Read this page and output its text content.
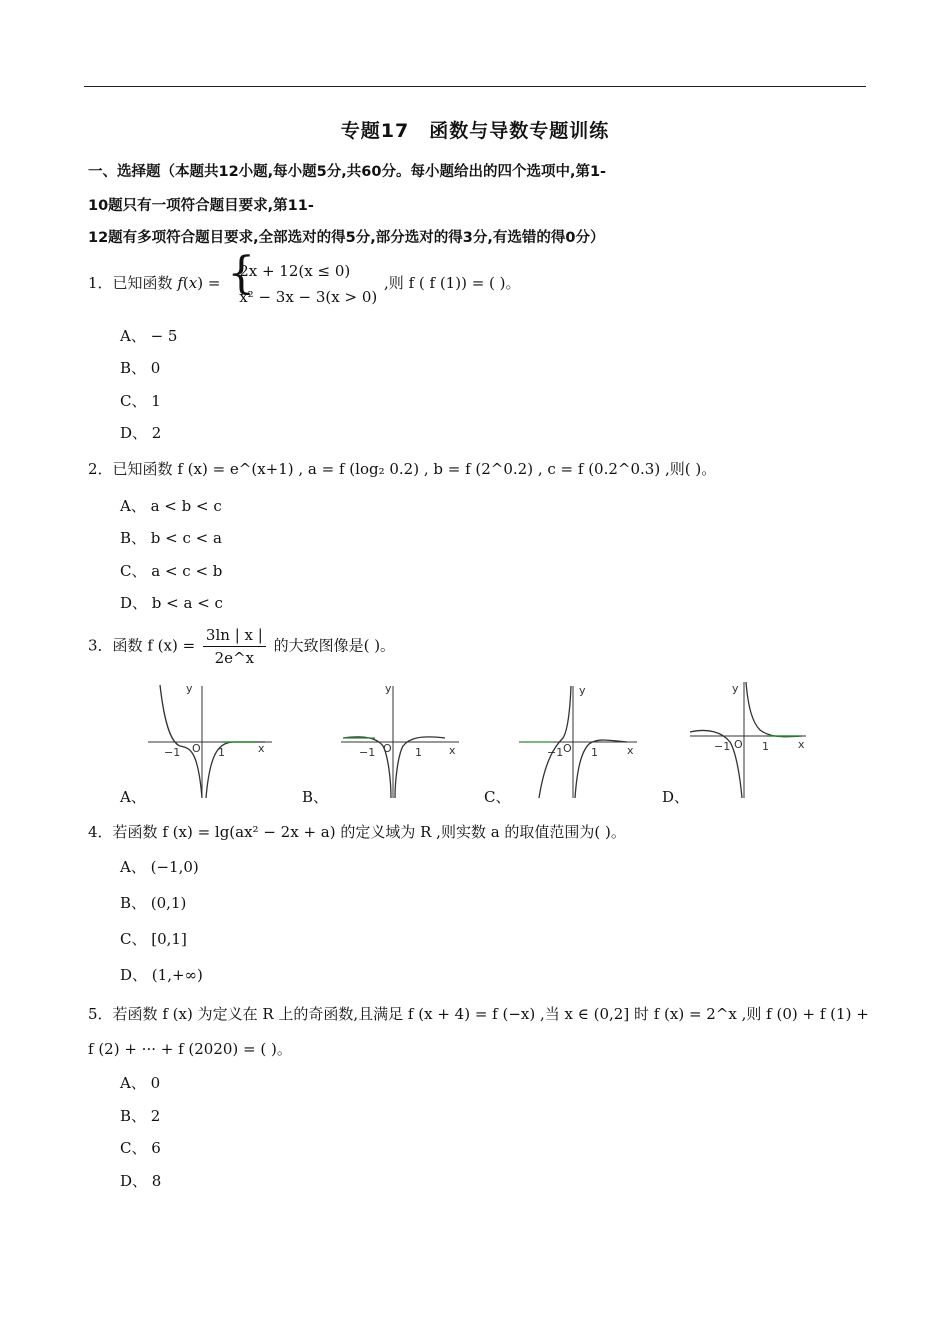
专题17　函数与导数专题训练
一、选择题（本题共12小题,每小题5分,共60分。每小题给出的四个选项中,第1-
10题只有一项符合题目要求,第11-
12题有多项符合题目要求,全部选对的得5分,部分选对的得3分,有选错的得0分）
1．已知函数 f(x) = {
2x + 12(x ≤ 0)
x² − 3x − 3(x > 0)
,则 f ( f (1)) = ( )。
A、 − 5
B、 0
C、 1
D、 2
2．已知函数 f (x) = e^(x+1) , a = f (log₂ 0.2) , b = f (2^0.2) , c = f (0.2^0.3) ,则( )。
A、 a < b < c
B、 b < c < a
C、 a < c < b
D、 b < a < c
3．函数 f $(x) = \frac{3\ln | x |}{2e\^{}x}$ 的大致图像是( )。
y
x
−1 O 1
A、
y
x
−1 O 1
B、
y
x
−1 O 1
C、
y
x
−1 O 1
D、
4．若函数 f (x) = lg(ax² − 2x + a) 的定义域为 R ,则实数 a 的取值范围为( )。
A、 (−1,0)
B、 (0,1)
C、 [0,1]
D、 (1,+∞)
5．若函数 f (x) 为定义在 R 上的奇函数,且满足 f (x + 4) = f (−x) ,当 x ∈ (0,2] 时 f (x) = 2^x ,则 f (0) + f (1) +
f (2) + ··· + f (2020) = ( )。
A、 0
B、 2
C、 6
D、 8
